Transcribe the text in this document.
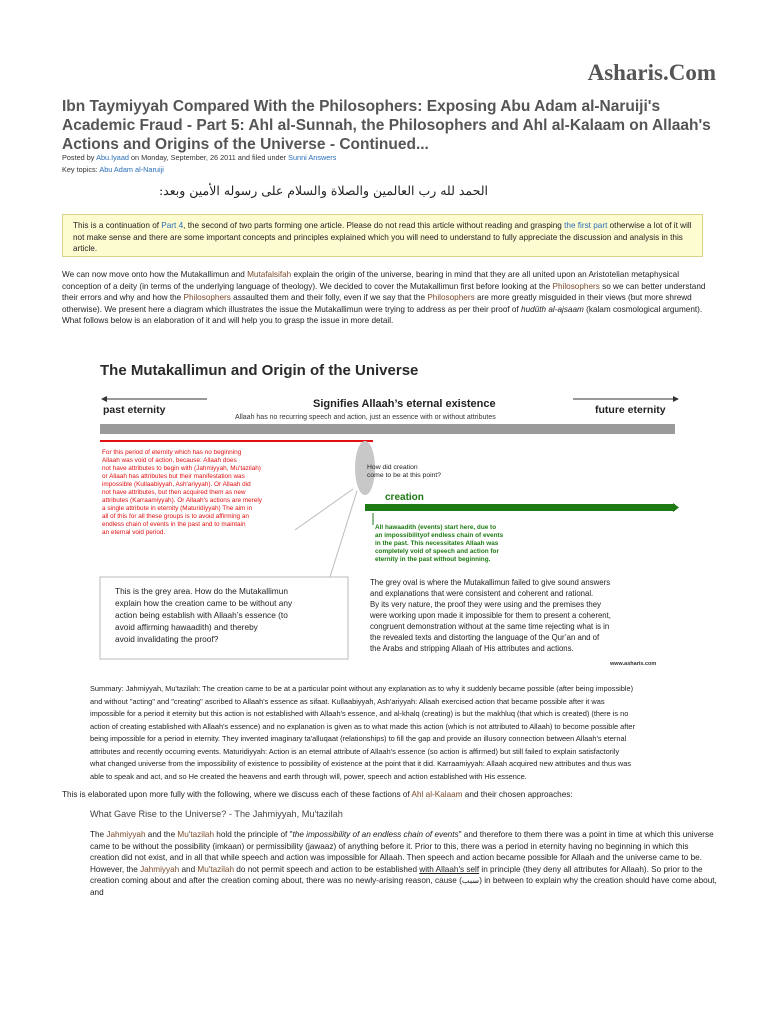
Asharis.Com
Ibn Taymiyyah Compared With the Philosophers: Exposing Abu Adam al-Naruiji's Academic Fraud - Part 5: Ahl al-Sunnah, the Philosophers and Ahl al-Kalaam on Allaah's Actions and Origins of the Universe - Continued...
Posted by Abu.Iyaad on Monday, September, 26 2011 and filed under Sunni Answers
Key topics: Abu Adam al-Naruiji
الحمد لله رب العالمين والصلاة والسلام على رسوله الأمين وبعد:
This is a continuation of Part 4, the second of two parts forming one article. Please do not read this article without reading and grasping the first part otherwise a lot of it will not make sense and there are some important concepts and principles explained which you will need to understand to fully appreciate the discussion and analysis in this article.

We can now move onto how the Mutakallimun and Mutafalsifah explain the origin of the universe, bearing in mind that they are all united upon an Aristotelian metaphysical conception of a deity (in terms of the underlying language of theology). We decided to cover the Mutakallimun first before looking at the Philosophers so we can better understand their errors and why and how the Philosophers assaulted them and their folly, even if we say that the Philosophers are more greatly misguided in their views (but more shrewd otherwise). We present here a diagram which illustrates the issue the Mutakallimun were trying to address as per their proof of hudūth al-ajsaam (kalam cosmological argument). What follows below is an elaboration of it and will help you to grasp the issue in more detail.

The Mutakallimun and Origin of the Universe
Signifies Allaah’s eternal existence
Allaah has no recurring speech and action, just an essence with or without attributes
past eternity	future eternity
For this period of eternity which has no beginning Allaah was void of action, because: Allaah does not have attributes to begin with (Jahmiyyah, Mu'tazilah) or Allaah has attributes but their manifestation was impossible (Kullaabiyyah, Ash'ariyyah). Or Allaah did not have attributes, but then acquired them as new attributes (Karraamiyyah). Or Allaah's actions are merely a single attribute in eternity (Maturidiyyah) The aim in all of this for all these groups is to avoid affirming an endless chain of events in the past and to maintain an eternal void period.
How did creation come to be at this point?
creation
All hawaadith (events) start here, due to an impossibilityof endless chain of events in the past. This necessitates Allaah was completely void of speech and action for eternity in the past without beginning.
This is the grey area. How do the Mutakallimun explain how the creation came to be without any action being establish with Allaah’s essence (to avoid affirming hawaadith) and thereby avoid invalidating the proof?
The grey oval is where the Mutakallimun failed to give sound answers and explanations that were consistent and coherent and rational. By its very nature, the proof they were using and the premises they were working upon made it impossible for them to present a coherent, congruent demonstration without at the same time rejecting what is in the revealed texts and distorting the language of the Qur’an and of the Arabs and stripping Allaah of His attributes and actions.
www.asharis.com

Summary: Jahmiyyah, Mu'tazilah: The creation came to be at a particular point without any explanation as to why it suddenly became possible (after being impossible)
and without "acting" and "creating" ascribed to Allaah's essence as sifaat. Kullaabiyyah, Ash'ariyyah: Allaah exercised action that became possible after it was
impossible for a period it eternity but this action is not established with Allaah's essence, and al-khalq (creating) is but the makhluq (that which is created) (there is no
action of creating established with Allaah's essence) and no explanation is given as to what made this action (which is not attributed to Allaah) to become possible after
being impossible for a period in eternity. They invented imaginary ta'alluqaat (relationships) to fill the gap and provide an illusory connection between Allaah's eternal
attributes and recently occurring events. Maturidiyyah: Action is an eternal attribute of Allaah's essence (so action is affirmed) but still failed to explain satisfactorily
what changed universe from the impossibility of existence to possibility of existence at the point that it did. Karraamiyyah: Allaah acquired new attributes and thus was
able to speak and act, and so He created the heavens and earth through will, power, speech and action established with His essence.

This is elaborated upon more fully with the following, where we discuss each of these factions of Ahl al-Kalaam and their chosen approaches:

What Gave Rise to the Universe? - The Jahmiyyah, Mu'tazilah

The Jahmiyyah and the Mu'tazilah hold the principle of "the impossibility of an endless chain of events" and therefore to them there was a point in time at which this universe came to be without the possibility (imkaan) or permissibility (jawaaz) of anything before it. Prior to this, there was a period in eternity having no beginning in which this creation did not exist, and in all that while speech and action was impossible for Allaah. Then speech and action became possible for Allaah and the universe came to be. However, the Jahmiyyah and Mu'tazilah do not permit speech and action to be established with Allaah's self in principle (they deny all attributes for Allaah). So prior to the creation coming about and after the creation coming about, there was no newly-arising reason, cause (سبب) in between to explain why the creation should have come about, and
